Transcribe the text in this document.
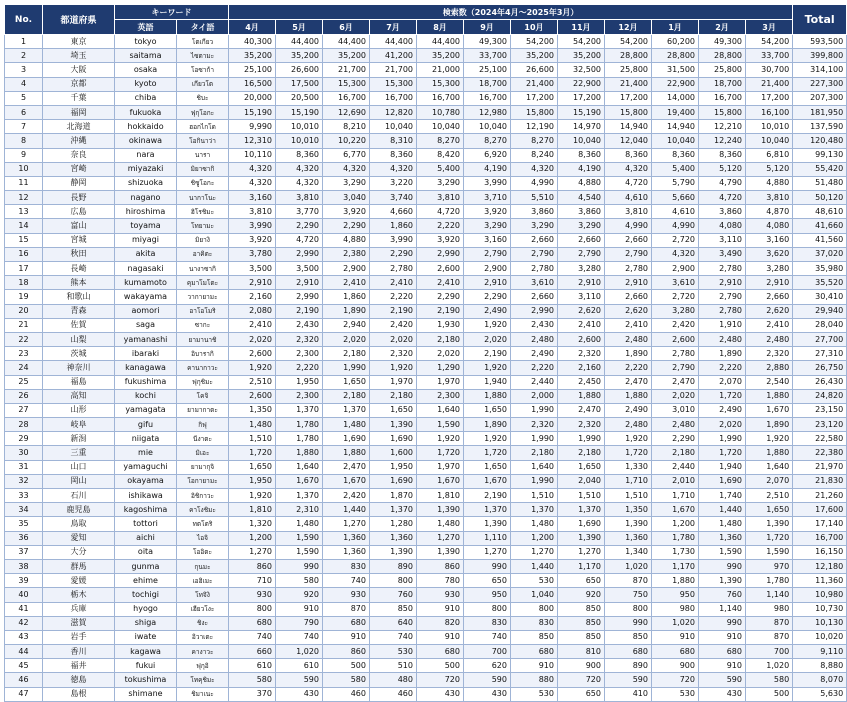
No.	都道府県	キーワード		検索数（2024年4月～2025年3月）												Total
		英語	タイ語	4月	5月	6月	7月	8月	9月	10月	11月	12月	1月	2月	3月	
1	東京	tokyo	โตเกียว	40,300	44,400	44,400	44,400	44,400	49,300	54,200	54,200	54,200	60,200	49,300	54,200	593,500
2	埼玉	saitama	ไซตามะ	35,200	35,200	35,200	41,200	35,200	33,700	35,200	35,200	28,800	28,800	28,800	33,700	399,800
3	大阪	osaka	โอซาก้า	25,100	26,600	21,700	21,700	21,000	25,100	26,600	32,500	25,800	31,500	25,800	30,700	314,100
4	京都	kyoto	เกียวโต	16,500	17,500	15,300	15,300	15,300	18,700	21,400	22,900	21,400	22,900	18,700	21,400	227,300
5	千葉	chiba	ชิบะ	20,000	20,500	16,700	16,700	16,700	16,700	17,200	17,200	17,200	14,000	16,700	17,200	207,300
6	福岡	fukuoka	ฟุกุโอกะ	15,190	15,190	12,690	12,820	10,780	12,980	15,800	15,190	15,800	19,400	15,800	16,100	181,950
7	北海道	hokkaido	ฮอกไกโด	9,990	10,010	8,210	10,040	10,040	10,040	12,190	14,970	14,940	14,940	12,210	10,010	137,590
8	沖縄	okinawa	โอกินาว่า	12,310	10,010	10,220	8,310	8,270	8,270	8,270	10,040	12,040	10,040	12,240	10,040	120,480
9	奈良	nara	นารา	10,110	8,360	6,770	8,360	8,420	6,920	8,240	8,360	8,360	8,360	8,360	6,810	99,130
10	宮崎	miyazaki	มิยาซากิ	4,320	4,320	4,320	4,320	5,400	4,190	4,320	4,190	4,320	5,400	5,120	5,120	55,420
11	静岡	shizuoka	ชิซูโอกะ	4,320	4,320	3,290	3,220	3,290	3,990	4,990	4,880	4,720	5,790	4,790	4,880	51,480
12	長野	nagano	นากาโนะ	3,160	3,810	3,040	3,740	3,810	3,710	5,510	4,540	4,610	5,660	4,720	3,810	50,120
13	広島	hiroshima	ฮิโรชิมะ	3,810	3,770	3,920	4,660	4,720	3,920	3,860	3,860	3,810	4,610	3,860	4,870	48,610
14	富山	toyama	โทยามะ	3,990	2,290	2,290	1,860	2,220	3,290	3,290	3,290	4,990	4,990	4,080	4,080	41,660
15	宮城	miyagi	มิยางิ	3,920	4,720	4,880	3,990	3,920	3,160	2,660	2,660	2,660	2,720	3,110	3,160	41,560
16	秋田	akita	อาคิตะ	3,780	2,990	2,380	2,290	2,990	2,790	2,790	2,790	2,790	4,320	3,490	3,620	37,020
17	長崎	nagasaki	นางาซากิ	3,500	3,500	2,900	2,780	2,600	2,900	2,780	3,280	2,780	2,900	2,780	3,280	35,980
18	熊本	kumamoto	คุมาโมโตะ	2,910	2,910	2,410	2,410	2,410	2,910	3,610	2,910	2,910	3,610	2,910	2,910	35,520
19	和歌山	wakayama	วากายามะ	2,160	2,990	1,860	2,220	2,290	2,290	2,660	3,110	2,660	2,720	2,790	2,660	30,410
20	青森	aomori	อาโอโมริ	2,080	2,190	1,890	2,190	2,190	2,490	2,990	2,620	2,620	3,280	2,780	2,620	29,940
21	佐賀	saga	ซากะ	2,410	2,430	2,940	2,420	1,930	1,920	2,430	2,410	2,410	2,420	1,910	2,410	28,040
22	山梨	yamanashi	ยามานาชิ	2,020	2,320	2,020	2,020	2,180	2,020	2,480	2,600	2,480	2,600	2,480	2,480	27,700
23	茨城	ibaraki	อิบารากิ	2,600	2,300	2,180	2,320	2,020	2,190	2,490	2,320	1,890	2,780	1,890	2,320	27,310
24	神奈川	kanagawa	คานากาวะ	1,920	2,220	1,990	1,920	1,290	1,920	2,220	2,160	2,220	2,790	2,220	2,880	26,750
25	福島	fukushima	ฟุกุชิมะ	2,510	1,950	1,650	1,970	1,970	1,940	2,440	2,450	2,470	2,470	2,070	2,540	26,430
26	高知	kochi	โคจิ	2,600	2,300	2,180	2,180	2,300	1,880	2,000	1,880	1,880	2,020	1,720	1,880	24,820
27	山形	yamagata	ยามากาตะ	1,350	1,370	1,370	1,650	1,640	1,650	1,990	2,470	2,490	3,010	2,490	1,670	23,150
28	岐阜	gifu	กิฟุ	1,480	1,780	1,480	1,390	1,590	1,890	2,320	2,320	2,480	2,480	2,020	1,890	23,120
29	新潟	niigata	นีงาตะ	1,510	1,780	1,690	1,690	1,920	1,920	1,990	1,990	1,920	2,290	1,990	1,920	22,580
30	三重	mie	มิเอะ	1,720	1,880	1,880	1,600	1,720	1,720	2,180	2,180	1,720	2,180	1,720	1,880	22,380
31	山口	yamaguchi	ยามากุจิ	1,650	1,640	2,470	1,950	1,970	1,650	1,640	1,650	1,330	2,440	1,940	1,640	21,970
32	岡山	okayama	โอกายามะ	1,950	1,670	1,670	1,690	1,670	1,670	1,990	2,040	1,710	2,010	1,690	2,070	21,830
33	石川	ishikawa	อิชิกาวะ	1,920	1,370	2,420	1,870	1,810	2,190	1,510	1,510	1,510	1,710	1,740	2,510	21,260
34	鹿児島	kagoshima	คาโงชิมะ	1,810	2,310	1,440	1,370	1,390	1,370	1,370	1,370	1,350	1,670	1,440	1,650	17,600
35	鳥取	tottori	ทตโตริ	1,320	1,480	1,270	1,280	1,480	1,390	1,480	1,690	1,390	1,200	1,480	1,390	17,140
36	愛知	aichi	ไอจิ	1,200	1,590	1,360	1,360	1,270	1,110	1,200	1,390	1,360	1,780	1,360	1,720	16,700
37	大分	oita	โออิตะ	1,270	1,590	1,360	1,390	1,390	1,270	1,270	1,270	1,340	1,730	1,590	1,590	16,150
38	群馬	gunma	กุนมะ	860	990	830	890	860	990	1,440	1,170	1,020	1,170	990	970	12,180
39	愛媛	ehime	เอฮิเมะ	710	580	740	800	780	650	530	650	870	1,880	1,390	1,780	11,360
40	栃木	tochigi	โทจิงิ	930	920	930	760	930	950	1,040	920	750	950	760	1,140	10,980
41	兵庫	hyogo	เฮียวโงะ	800	910	870	850	910	800	800	850	800	980	1,140	980	10,730
42	滋賀	shiga	ชิงะ	680	790	680	640	820	830	830	850	990	1,020	990	870	10,130
43	岩手	iwate	อิวาเตะ	740	740	910	740	910	740	850	850	850	910	910	870	10,020
44	香川	kagawa	คางาวะ	660	1,020	860	530	680	700	680	810	680	680	680	700	9,110
45	福井	fukui	ฟุกุอิ	610	610	500	510	500	620	910	900	890	900	910	1,020	8,880
46	徳島	tokushima	โทคุชิมะ	580	590	580	480	720	590	880	720	590	720	590	580	8,070
47	島根	shimane	ชิมาเนะ	370	430	460	460	430	430	530	650	410	530	430	500	5,630
